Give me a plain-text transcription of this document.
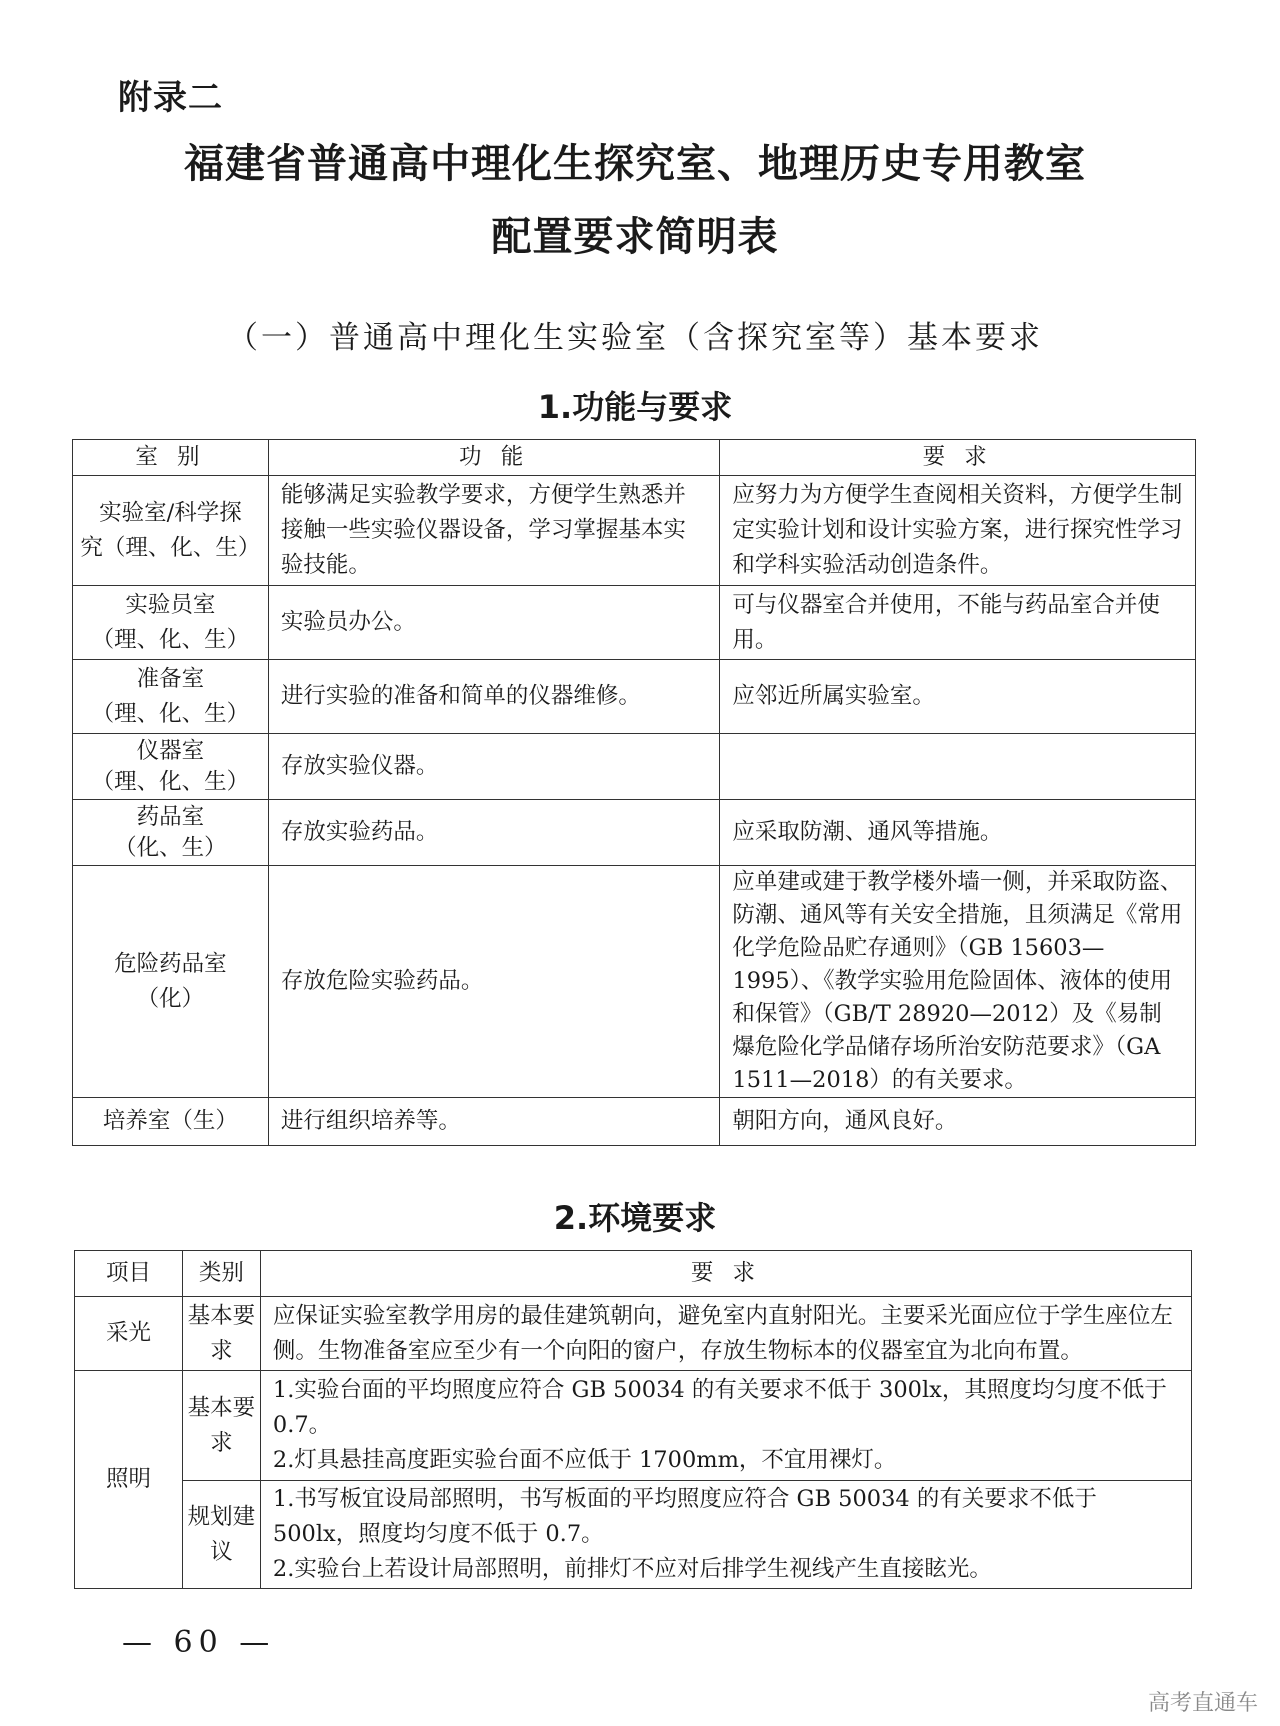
附录二
福建省普通高中理化生探究室、地理历史专用教室
配置要求简明表
（一）普通高中理化生实验室（含探究室等）基本要求
1.功能与要求
室 别	功 能	要 求
实验室/科学探
究（理、化、生）	能够满足实验教学要求，方便学生熟悉并接触一些实验仪器设备，学习掌握基本实验技能。	应努力为方便学生查阅相关资料，方便学生制定实验计划和设计实验方案，进行探究性学习和学科实验活动创造条件。
实验员室
（理、化、生）	实验员办公。	可与仪器室合并使用，不能与药品室合并使用。
准备室
（理、化、生）	进行实验的准备和简单的仪器维修。	应邻近所属实验室。
仪器室
（理、化、生）	存放实验仪器。	
药品室
（化、生）	存放实验药品。	应采取防潮、通风等措施。
危险药品室
（化）	存放危险实验药品。	应单建或建于教学楼外墙一侧，并采取防盗、防潮、通风等有关安全措施，且须满足《常用化学危险品贮存通则》（GB 15603—1995）、《教学实验用危险固体、液体的使用和保管》（GB/T 28920—2012）及《易制爆危险化学品储存场所治安防范要求》（GA 1511—2018）的有关要求。
培养室（生）	进行组织培养等。	朝阳方向，通风良好。
2.环境要求
项目	类别	要 求
采光	基本要求	应保证实验室教学用房的最佳建筑朝向，避免室内直射阳光。主要采光面应位于学生座位左侧。生物准备室应至少有一个向阳的窗户，存放生物标本的仪器室宜为北向布置。
照明	基本要求	1.实验台面的平均照度应符合 GB 50034 的有关要求不低于 300lx，其照度均匀度不低于 0.7。
2.灯具悬挂高度距实验台面不应低于 1700mm，不宜用裸灯。

	规划建议	1.书写板宜设局部照明，书写板面的平均照度应符合 GB 50034 的有关要求不低于 500lx，照度均匀度不低于 0.7。
2.实验台上若设计局部照明，前排灯不应对后排学生视线产生直接眩光。
— 60 —
高考直通车
